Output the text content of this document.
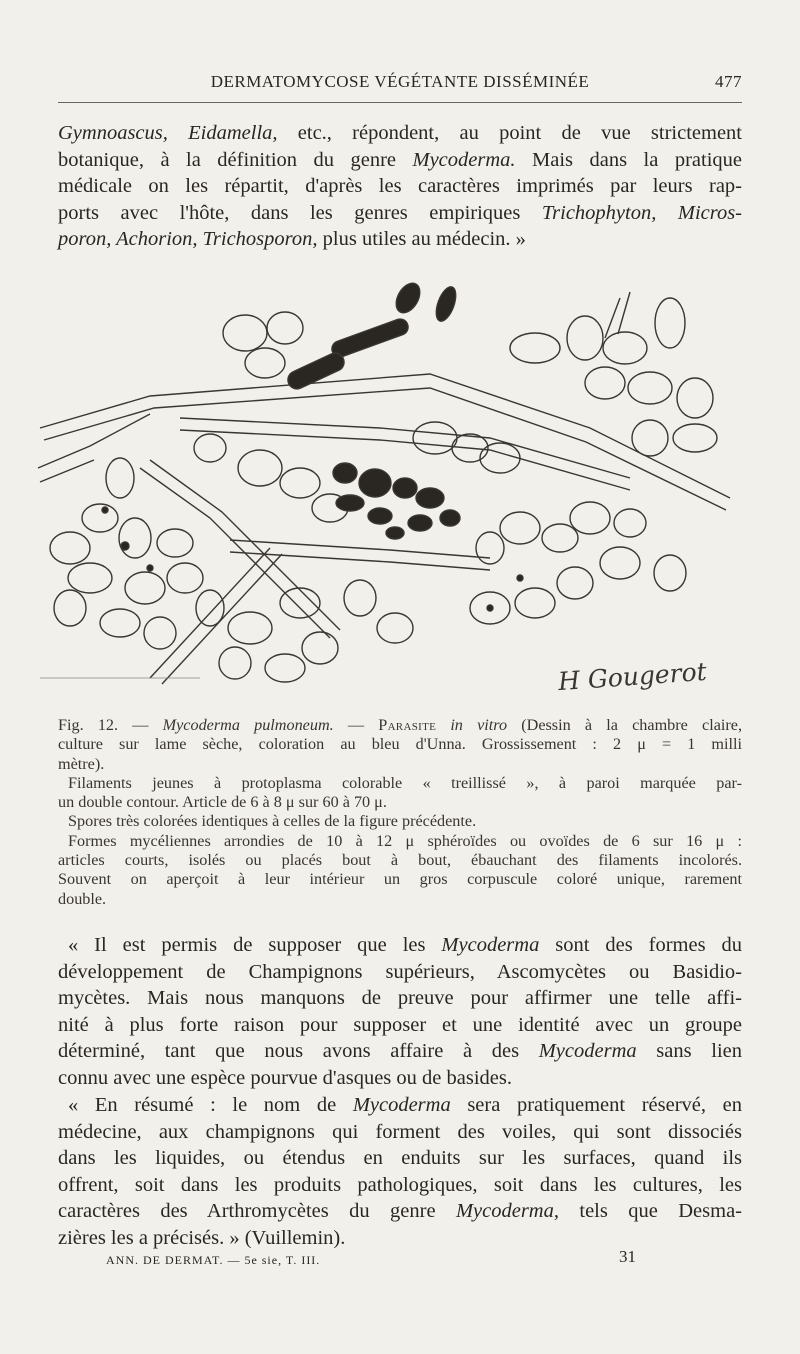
DERMATOMYCOSE VÉGÉTANTE DISSÉMINÉE	477
Gymnoascus, Eidamella, etc., répondent, au point de vue strictement
botanique, à la définition du genre Mycoderma. Mais dans la pratique
médicale on les répartit, d'après les caractères imprimés par leurs rap-
ports avec l'hôte, dans les genres empiriques Trichophyton, Micros-
poron, Achorion, Trichosporon, plus utiles au médecin. »
H Gougerot
Fig. 12. — Mycoderma pulmoneum. — Parasite in vitro (Dessin à la chambre claire,
culture sur lame sèche, coloration au bleu d'Unna. Grossissement : 2 μ = 1 milli
mètre).
Filaments jeunes à protoplasma colorable « treillissé », à paroi marquée par-
un double contour. Article de 6 à 8 μ sur 60 à 70 μ.
Spores très colorées identiques à celles de la figure précédente.
Formes mycéliennes arrondies de 10 à 12 μ sphéroïdes ou ovoïdes de 6 sur 16 μ :
articles courts, isolés ou placés bout à bout, ébauchant des filaments incolorés.
Souvent on aperçoit à leur intérieur un gros corpuscule coloré unique, rarement
double.
« Il est permis de supposer que les Mycoderma sont des formes du
développement de Champignons supérieurs, Ascomycètes ou Basidio-
mycètes. Mais nous manquons de preuve pour affirmer une telle affi-
nité à plus forte raison pour supposer et une identité avec un groupe
déterminé, tant que nous avons affaire à des Mycoderma sans lien
connu avec une espèce pourvue d'asques ou de basides.
« En résumé : le nom de Mycoderma sera pratiquement réservé, en
médecine, aux champignons qui forment des voiles, qui sont dissociés
dans les liquides, ou étendus en enduits sur les surfaces, quand ils
offrent, soit dans les produits pathologiques, soit dans les cultures, les
caractères des Arthromycètes du genre Mycoderma, tels que Desma-
zières les a précisés. » (Vuillemin).
ANN. DE DERMAT. — 5e sie, T. III.	31
